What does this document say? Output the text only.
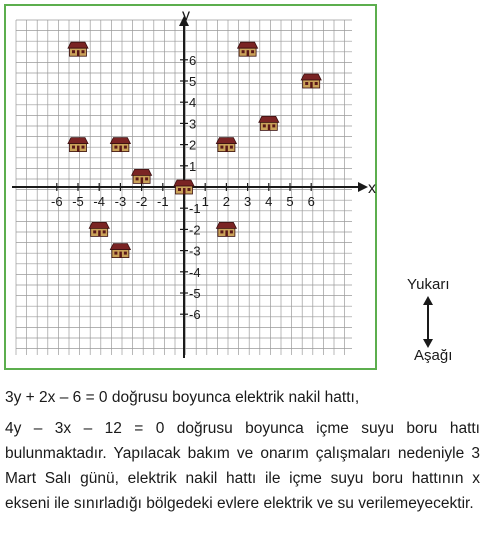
x
y
-6 -5 -4 -3 -2 -1	1 2 3 4 5 6
6
5
4
3
2
1
-1
-2
-3
-4
-5
-6
Yukarı
Aşağı

3y + 2x – 6 = 0 doğrusu boyunca elektrik nakil hattı,

4y – 3x – 12 = 0 doğrusu boyunca içme suyu boru hattı bulunmaktadır. Yapılacak bakım ve onarım çalışmaları nedeniyle 3 Mart Salı günü, elektrik nakil hattı ile içme suyu boru hattının x ekseni ile sınırladığı bölgedeki evlere elektrik ve su verilemeyecektir.
